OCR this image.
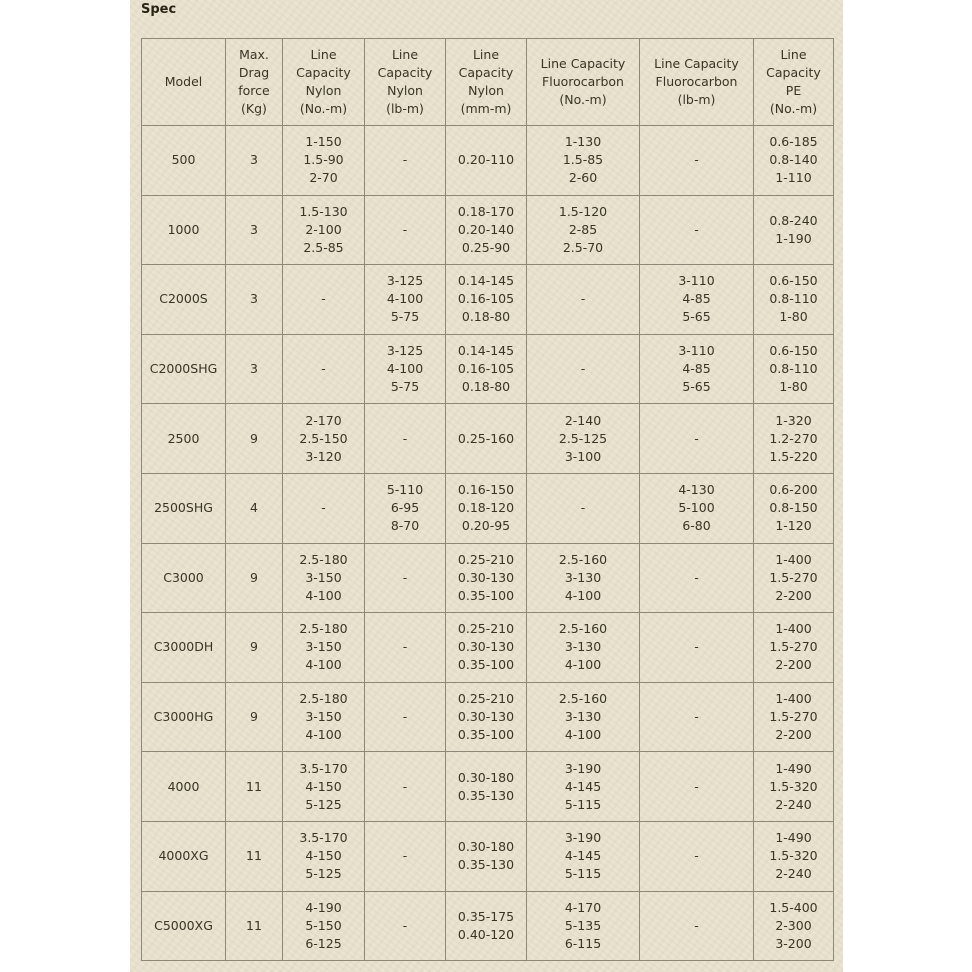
Spec
Model	Max.
Drag
force
(Kg)	Line
Capacity
Nylon
(No.-m)	Line
Capacity
Nylon
(lb-m)	Line
Capacity
Nylon
(mm-m)	Line Capacity
Fluorocarbon
(No.-m)	Line Capacity
Fluorocarbon
(lb-m)	Line
Capacity
PE
(No.-m)

500	3	1-150
1.5-90
2-70	-	0.20-110	1-130
1.5-85
2-60	-	0.6-185
0.8-140
1-110

1000	3	1.5-130
2-100
2.5-85	-	0.18-170
0.20-140
0.25-90	1.5-120
2-85
2.5-70	-	0.8-240
1-190

C2000S	3	-	3-125
4-100
5-75	0.14-145
0.16-105
0.18-80	-	3-110
4-85
5-65	0.6-150
0.8-110
1-80

C2000SHG	3	-	3-125
4-100
5-75	0.14-145
0.16-105
0.18-80	-	3-110
4-85
5-65	0.6-150
0.8-110
1-80

2500	9	2-170
2.5-150
3-120	-	0.25-160	2-140
2.5-125
3-100	-	1-320
1.2-270
1.5-220

2500SHG	4	-	5-110
6-95
8-70	0.16-150
0.18-120
0.20-95	-	4-130
5-100
6-80	0.6-200
0.8-150
1-120

C3000	9	2.5-180
3-150
4-100	-	0.25-210
0.30-130
0.35-100	2.5-160
3-130
4-100	-	1-400
1.5-270
2-200

C3000DH	9	2.5-180
3-150
4-100	-	0.25-210
0.30-130
0.35-100	2.5-160
3-130
4-100	-	1-400
1.5-270
2-200

C3000HG	9	2.5-180
3-150
4-100	-	0.25-210
0.30-130
0.35-100	2.5-160
3-130
4-100	-	1-400
1.5-270
2-200

4000	11	3.5-170
4-150
5-125	-	0.30-180
0.35-130	3-190
4-145
5-115	-	1-490
1.5-320
2-240

4000XG	11	3.5-170
4-150
5-125	-	0.30-180
0.35-130	3-190
4-145
5-115	-	1-490
1.5-320
2-240

C5000XG	11	4-190
5-150
6-125	-	0.35-175
0.40-120	4-170
5-135
6-115	-	1.5-400
2-300
3-200
